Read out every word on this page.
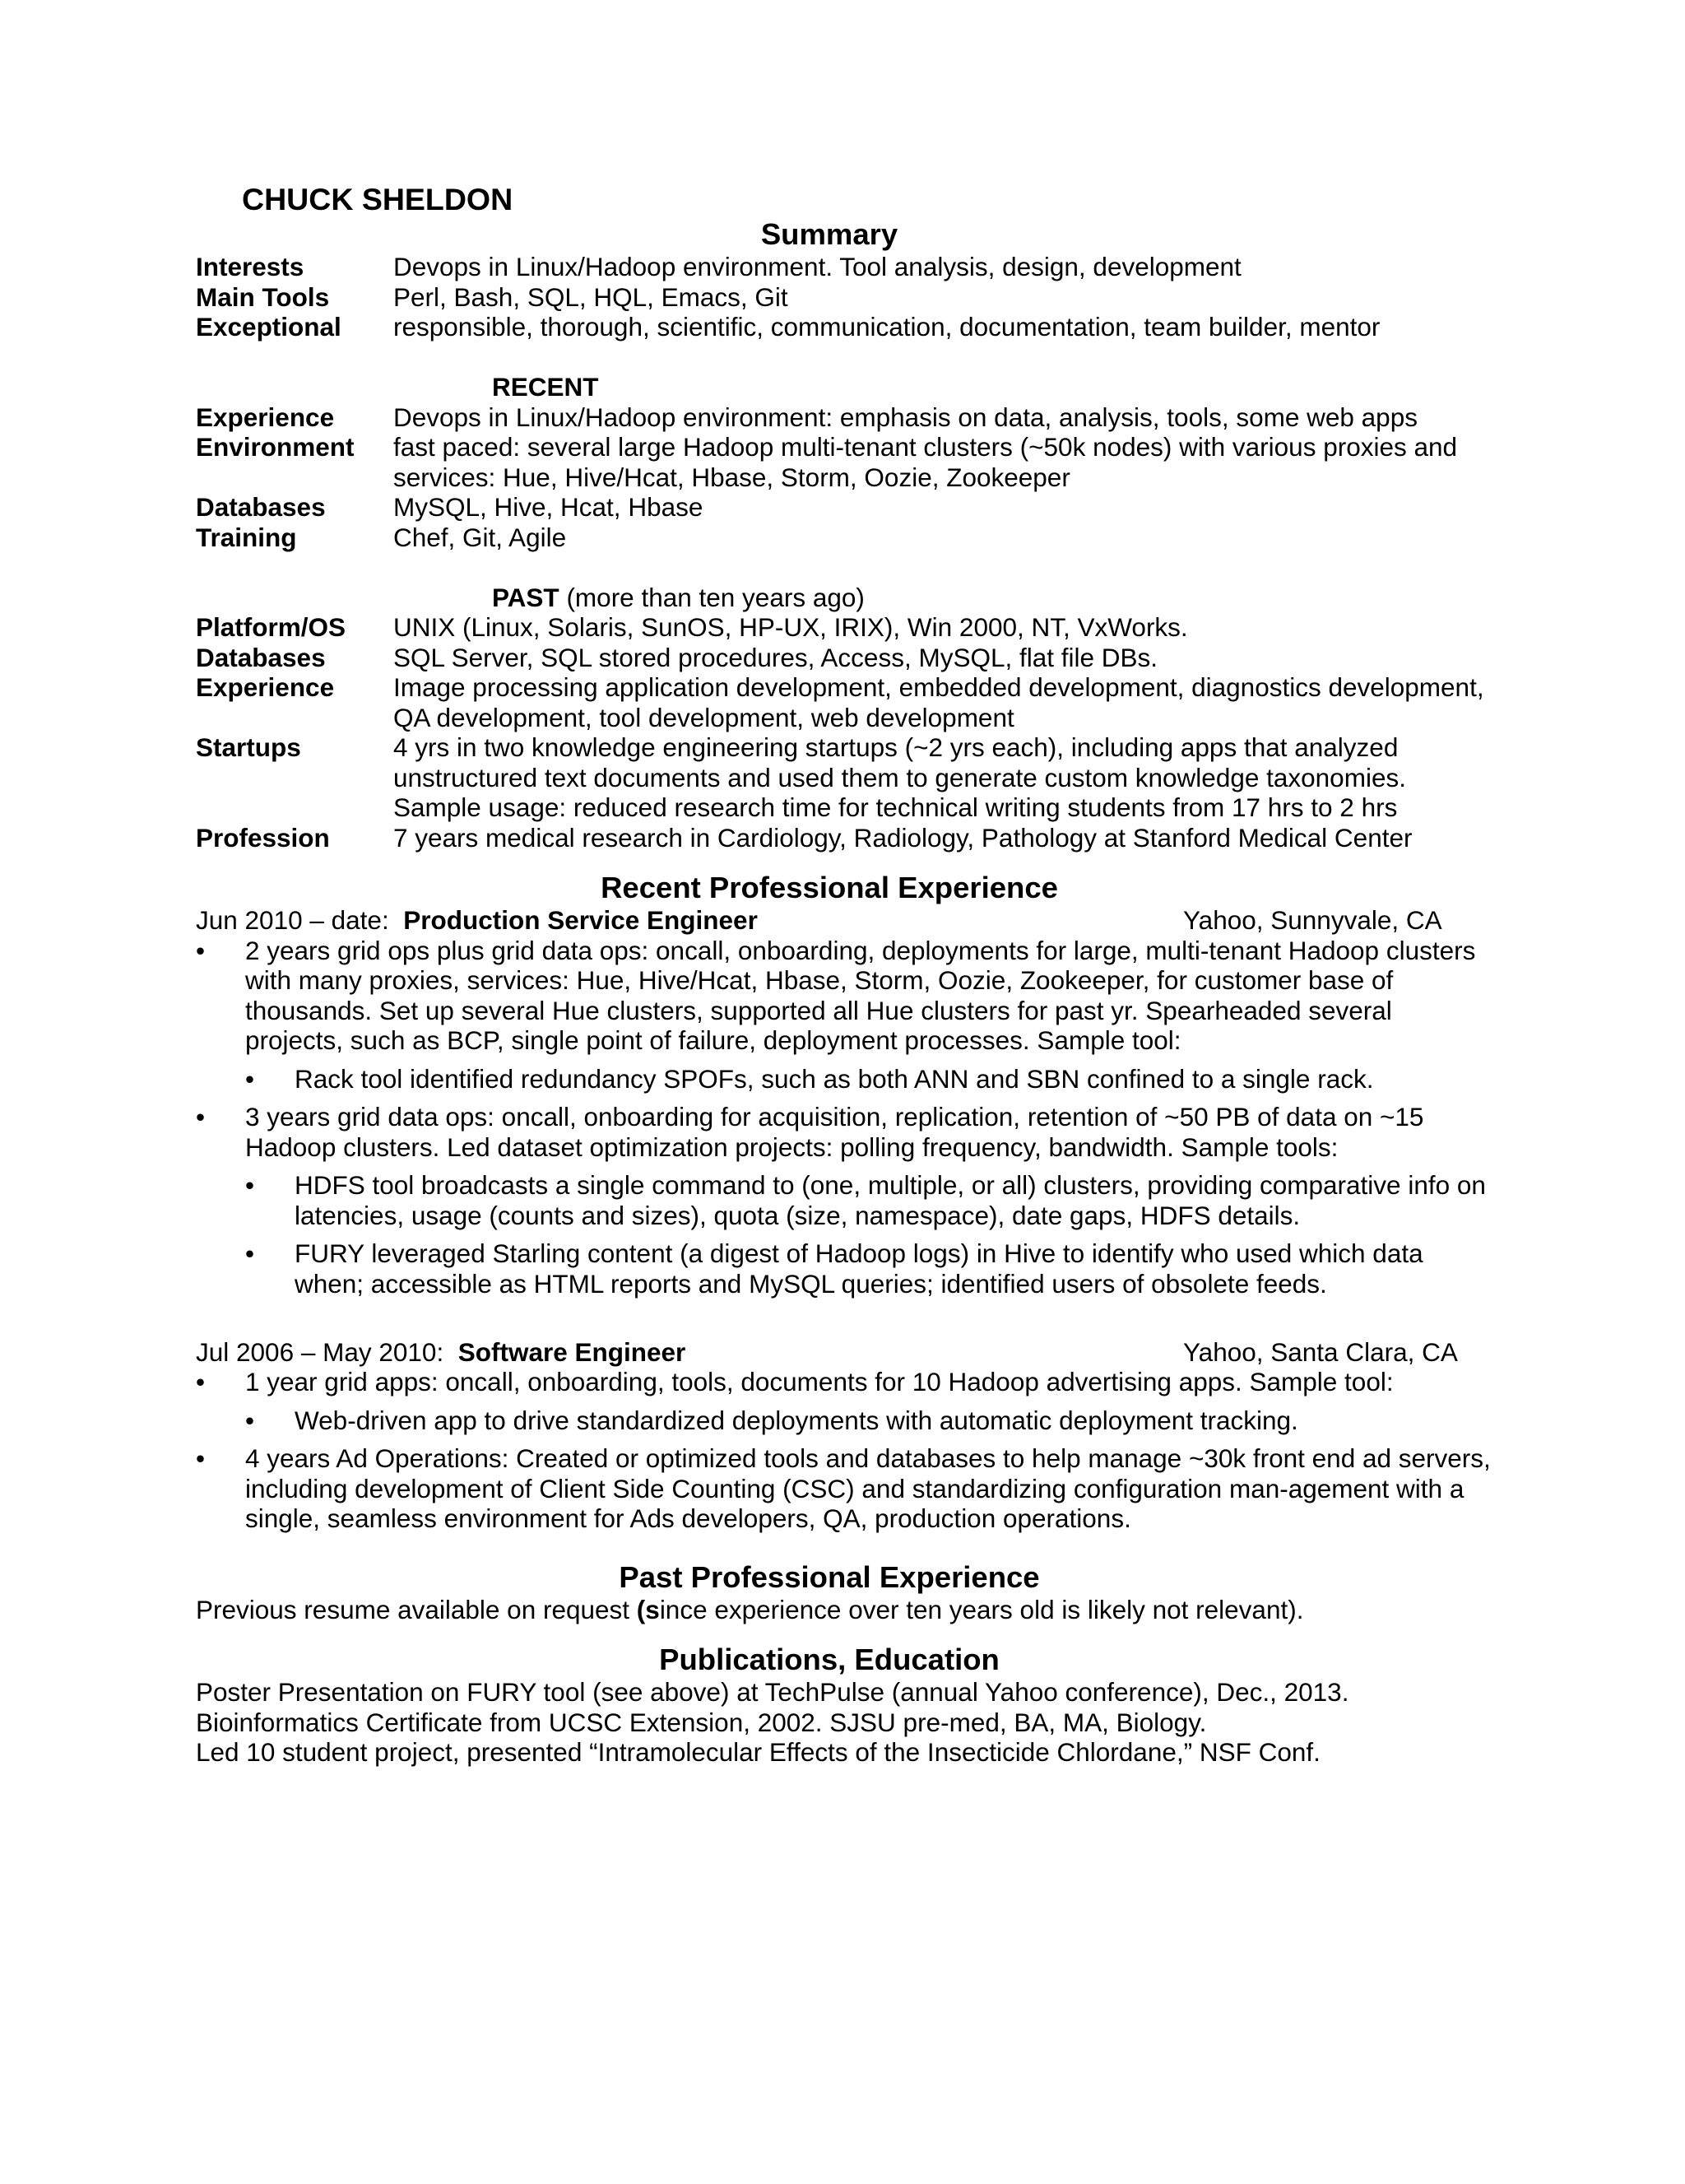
CHUCK SHELDON
Summary
Interests	Devops in Linux/Hadoop environment. Tool analysis, design, development
Main Tools	Perl, Bash, SQL, HQL, Emacs, Git
Exceptional	responsible, thorough, scientific, communication, documentation, team builder, mentor
RECENT
Experience	Devops in Linux/Hadoop environment: emphasis on data, analysis, tools, some web apps
Environment	fast paced: several large Hadoop multi-tenant clusters (~50k nodes) with various proxies and services: Hue, Hive/Hcat, Hbase, Storm, Oozie, Zookeeper
Databases	MySQL, Hive, Hcat, Hbase
Training	Chef, Git, Agile
PAST (more than ten years ago)
Platform/OS	UNIX (Linux, Solaris, SunOS, HP-UX, IRIX), Win 2000, NT, VxWorks.
Databases	SQL Server, SQL stored procedures, Access, MySQL, flat file DBs.
Experience	Image processing application development, embedded development, diagnostics development, QA development, tool development, web development
Startups	4 yrs in two knowledge engineering startups (~2 yrs each), including apps that analyzed unstructured text documents and used them to generate custom knowledge taxonomies. Sample usage: reduced research time for technical writing students from 17 hrs to 2 hrs
Profession	7 years medical research in Cardiology, Radiology, Pathology at Stanford Medical Center
Recent Professional Experience
Jun 2010 – date: Production Service Engineer	Yahoo, Sunnyvale, CA
• 2 years grid ops plus grid data ops: oncall, onboarding, deployments for large, multi-tenant Hadoop clusters with many proxies, services: Hue, Hive/Hcat, Hbase, Storm, Oozie, Zookeeper, for customer base of thousands. Set up several Hue clusters, supported all Hue clusters for past yr. Spearheaded several projects, such as BCP, single point of failure, deployment processes. Sample tool:
• Rack tool identified redundancy SPOFs, such as both ANN and SBN confined to a single rack.
• 3 years grid data ops: oncall, onboarding for acquisition, replication, retention of ~50 PB of data on ~15 Hadoop clusters. Led dataset optimization projects: polling frequency, bandwidth. Sample tools:
• HDFS tool broadcasts a single command to (one, multiple, or all) clusters, providing comparative info on latencies, usage (counts and sizes), quota (size, namespace), date gaps, HDFS details.
• FURY leveraged Starling content (a digest of Hadoop logs) in Hive to identify who used which data when; accessible as HTML reports and MySQL queries; identified users of obsolete feeds.
Jul 2006 – May 2010: Software Engineer	Yahoo, Santa Clara, CA
• 1 year grid apps: oncall, onboarding, tools, documents for 10 Hadoop advertising apps. Sample tool:
• Web-driven app to drive standardized deployments with automatic deployment tracking.
• 4 years Ad Operations: Created or optimized tools and databases to help manage ~30k front end ad servers, including development of Client Side Counting (CSC) and standardizing configuration man-agement with a single, seamless environment for Ads developers, QA, production operations.
Past Professional Experience

Previous resume available on request (since experience over ten years old is likely not relevant).

Publications, Education

Poster Presentation on FURY tool (see above) at TechPulse (annual Yahoo conference), Dec., 2013.

Bioinformatics Certificate from UCSC Extension, 2002. SJSU pre-med, BA, MA, Biology.

Led 10 student project, presented “Intramolecular Effects of the Insecticide Chlordane,” NSF Conf.
